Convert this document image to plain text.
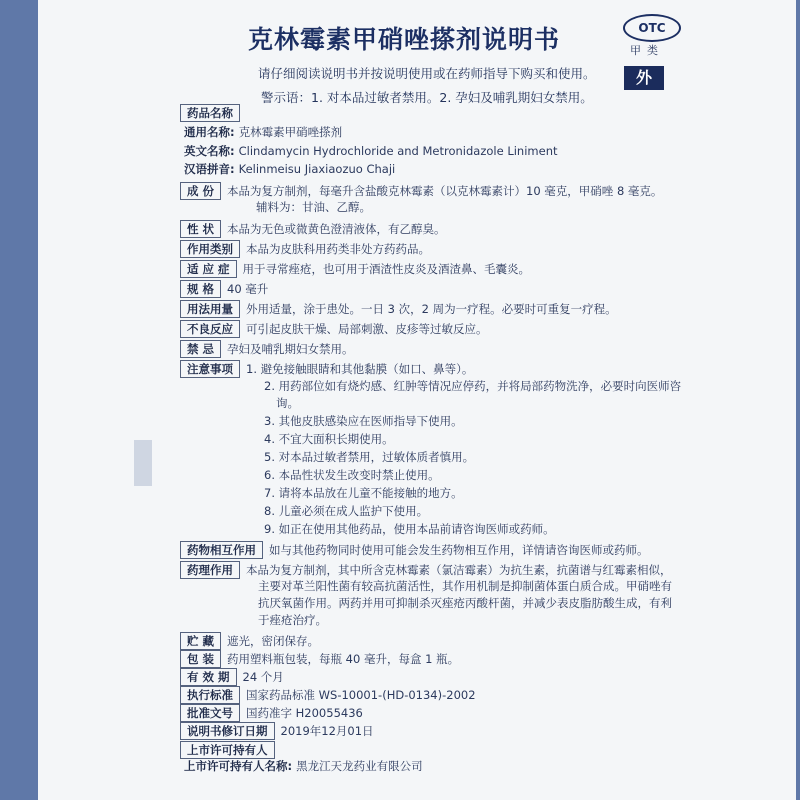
克林霉素甲硝唑搽剂说明书
请仔细阅读说明书并按说明使用或在药师指导下购买和使用。
警示语：1. 对本品过敏者禁用。2. 孕妇及哺乳期妇女禁用。
OTC
甲类
外
药品名称
通用名称: 克林霉素甲硝唑搽剂
英文名称: Clindamycin Hydrochloride and Metronidazole Liniment
汉语拼音: Kelinmeisu Jiaxiaozuo Chaji
成 份 本品为复方制剂，每毫升含盐酸克林霉素（以克林霉素计）10 毫克，甲硝唑 8 毫克。
辅料为：甘油、乙醇。
性 状 本品为无色或微黄色澄清液体，有乙醇臭。
作用类别 本品为皮肤科用药类非处方药药品。
适 应 症 用于寻常痤疮，也可用于酒渣性皮炎及酒渣鼻、毛囊炎。
规 格 40 毫升
用法用量 外用适量，涂于患处。一日 3 次，2 周为一疗程。必要时可重复一疗程。
不良反应 可引起皮肤干燥、局部刺激、皮疹等过敏反应。
禁 忌 孕妇及哺乳期妇女禁用。
注意事项 1. 避免接触眼睛和其他黏膜（如口、鼻等）。
2. 用药部位如有烧灼感、红肿等情况应停药，并将局部药物洗净，必要时向医师咨
询。
3. 其他皮肤感染应在医师指导下使用。
4. 不宜大面积长期使用。
5. 对本品过敏者禁用，过敏体质者慎用。
6. 本品性状发生改变时禁止使用。
7. 请将本品放在儿童不能接触的地方。
8. 儿童必须在成人监护下使用。
9. 如正在使用其他药品，使用本品前请咨询医师或药师。
药物相互作用 如与其他药物同时使用可能会发生药物相互作用，详情请咨询医师或药师。
药理作用 本品为复方制剂，其中所含克林霉素（氯洁霉素）为抗生素，抗菌谱与红霉素相似，
主要对革兰阳性菌有较高抗菌活性，其作用机制是抑制菌体蛋白质合成。甲硝唑有
抗厌氧菌作用。两药并用可抑制杀灭痤疮丙酸杆菌，并减少表皮脂肪酸生成，有利
于痤疮治疗。
贮 藏 遮光，密闭保存。
包 装 药用塑料瓶包装，每瓶 40 毫升，每盒 1 瓶。
有 效 期 24 个月
执行标准 国家药品标准 WS-10001-(HD-0134)-2002
批准文号 国药准字 H20055436
说明书修订日期 2019年12月01日
上市许可持有人
上市许可持有人名称: 黑龙江天龙药业有限公司
